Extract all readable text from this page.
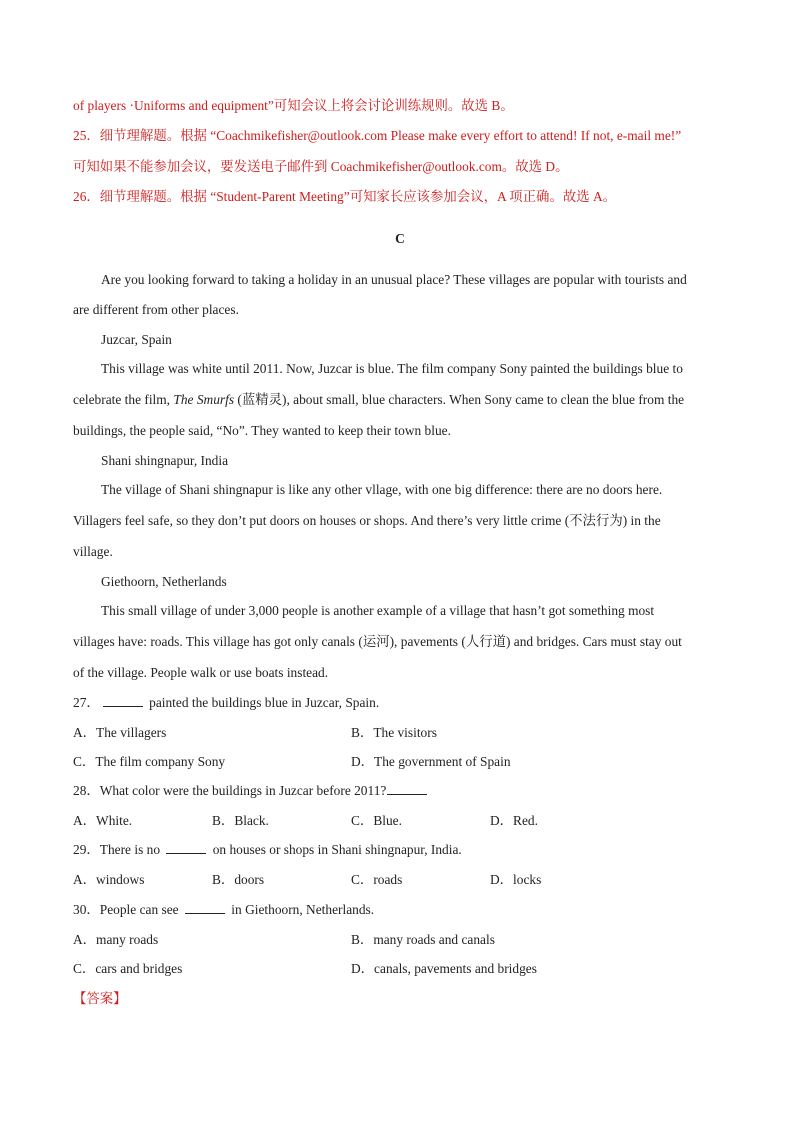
of players ·Uniforms and equipment”可知会议上将会讨论训练规则。故选 B。
25．细节理解题。根据 “Coachmikefisher@outlook.com Please make every effort to attend! If not, e-mail me!”
可知如果不能参加会议，要发送电子邮件到 Coachmikefisher@outlook.com。故选 D。
26．细节理解题。根据 “Student-Parent Meeting”可知家长应该参加会议，A 项正确。故选 A。
C
Are you looking forward to taking a holiday in an unusual place? These villages are popular with tourists and
are different from other places.
Juzcar, Spain
This village was white until 2011. Now, Juzcar is blue. The film company Sony painted the buildings blue to
celebrate the film, The Smurfs (蓝精灵), about small, blue characters. When Sony came to clean the blue from the
buildings, the people said, “No”. They wanted to keep their town blue.
Shani shingnapur, India
The village of Shani shingnapur is like any other vllage, with one big difference: there are no doors here.
Villagers feel safe, so they don’t put doors on houses or shops. And there’s very little crime (不法行为) in the
village.
Giethoorn, Netherlands
This small village of under 3,000 people is another example of a village that hasn’t got something most
villages have: roads. This village has got only canals (运河), pavements (人行道) and bridges. Cars must stay out
of the village. People walk or use boats instead.
27．	painted the buildings blue in Juzcar, Spain.
A．The villagers	B．The visitors
C．The film company Sony	D．The government of Spain
28．What color were the buildings in Juzcar before 2011?
A．White.	B．Black.	C．Blue.	D．Red.
29．There is no	on houses or shops in Shani shingnapur, India.
A．windows	B．doors	C．roads	D．locks
30．People can see	in Giethoorn, Netherlands.
A．many roads	B．many roads and canals
C．cars and bridges	D．canals, pavements and bridges
【答案】
